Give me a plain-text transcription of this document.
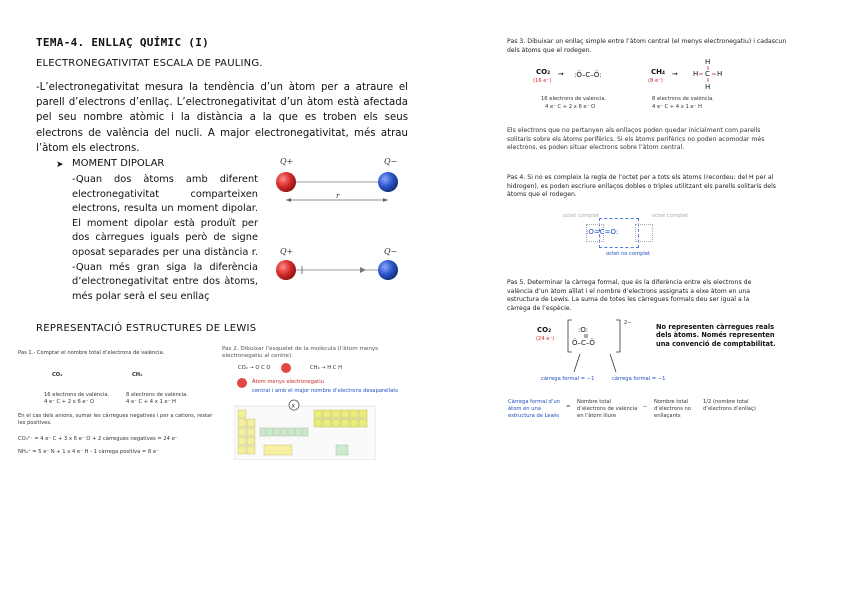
TEMA-4. ENLLAÇ QUÍMIC (I)
ELECTRONEGATIVITAT ESCALA DE PAULING.
-L’electronegativitat mesura la tendència d’un àtom per a atraure el parell d’electrons d’enllaç. L’electronegativitat d’un àtom està afectada pel seu nombre atòmic i la distància a la que es troben els seus electrons de valència del nucli. A major electronegativitat, més atrau l’àtom els electrons.
➤ MOMENT DIPOLAR
-Quan dos àtoms amb diferent electronegativitat comparteixen electrons, resulta un moment dipolar. El moment dipolar està produït per dos càrregues iguals però de signe oposat separades per una distància r. -Quan més gran siga la diferència d’electronegativitat entre dos àtoms, més polar serà el seu enllaç
Q+	Q−
r
Q+	Q−
REPRESENTACIÓ ESTRUCTURES DE LEWIS
Pas 1.- Comptar el nombre total d’electrons de valència.
CO₂	CH₄
16 electrons de valència.
4 e⁻ C + 2 x 6 e⁻ O
8 electrons de valència.
4 e⁻ C + 4 x 1 e⁻ H
En el cas dels anions, sumar les càrregues negatives i per a cations, restar les positives.
CO₃²⁻ = 4 e⁻ C + 3 x 6 e⁻ O + 2 càrregues negatives = 24 e⁻
NH₄⁺ = 5 e⁻ N + 1 x 4 e⁻ H - 1 càrrega positiva = 8 e⁻
Pas 2. Dibuixar l’esquelet de la molècula (l’àtom menys electronegatiu al centre).
CO₂ → O C O	CH₄ → H C H
Àtom menys electronegatiu
central i amb el major nombre d’electrons desaparellats
x
Pas 3. Dibuixar un enllaç simple entre l’àtom central (el menys electronegatiu) i cadascun dels àtoms que el rodegen.
CO₂
(16 e⁻)
➞ :Ö–C–Ö:	CH₄
(8 e⁻)
➞
H
H C H
H
16 electrons de valència.
4 e⁻ C + 2 x 6 e⁻ O
8 electrons de valència.
4 e⁻ C + 4 x 1 e⁻ H
Els electrons que no pertanyen als enllaços poden quedar inicialment com parells solitaris sobre els àtoms perifèrics. Si els àtoms perifèrics no poden acomodar més electrons, es poden situar electrons sobre l’àtom central.
Pas 4. Si no es compleix la regla de l’octet per a tots els àtoms (recordeu: del H per al hidrogen), es poden escriure enllaços dobles o triples utilitzant els parells solitaris dels àtoms que el rodegen.
octet complet	octet complet
:O=C=O:
octet no complet
Pas 5. Determinar la càrrega formal, que és la diferència entre els electrons de valència d’un àtom aïllat i el nombre d’electrons assignats a eixe àtom en una estructura de Lewis. La suma de totes les càrregues formals deu ser igual a la càrrega de l’espècie.
CO₂
(24 e⁻)
:O:
Ö–C–Ö
2−	No representen càrregues reals dels àtoms. Només representen una convenció de comptabilitat.
càrrega formal = −1	càrrega formal = −1
Càrrega formal d’un àtom en una estructura de Lewis
=
Nombre total d’electrons de valència en l’àtom lliure
−
Nombre total d’electrons no enllaçants
1/2 (nombre total d’electrons d’enllaç)
